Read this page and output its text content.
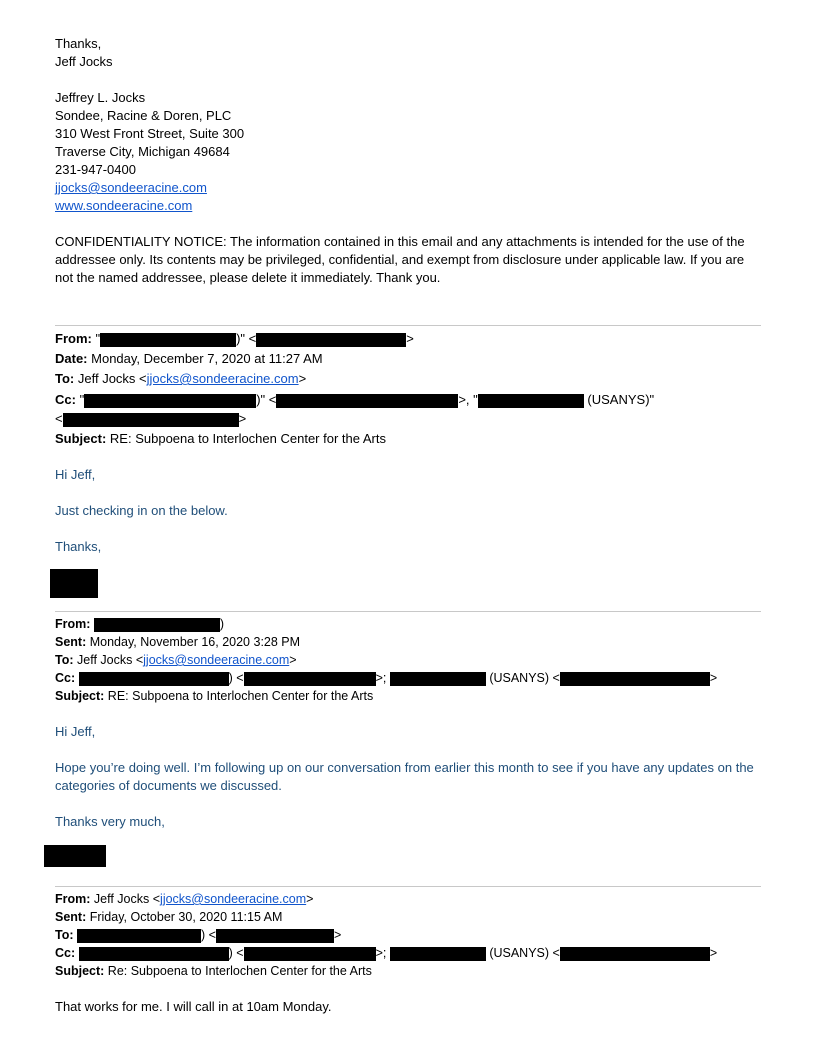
Thanks,
Jeff Jocks
Jeffrey L. Jocks
Sondee, Racine & Doren, PLC
310 West Front Street, Suite 300
Traverse City, Michigan 49684
231-947-0400
jjocks@sondeeracine.com
www.sondeeracine.com
CONFIDENTIALITY NOTICE: The information contained in this email and any attachments is intended for the use of the addressee only. Its contents may be privileged, confidential, and exempt from disclosure under applicable law. If you are not the named addressee, please delete it immediately. Thank you.
From: "	)" <	>
Date: Monday, December 7, 2020 at 11:27 AM
To: Jeff Jocks <jjocks@sondeeracine.com>
Cc: "	)" <	>, "	(USANYS)"
<	>
Subject: RE: Subpoena to Interlochen Center for the Arts
Hi Jeff,
Just checking in on the below.
Thanks,
From:	)
Sent: Monday, November 16, 2020 3:28 PM
To: Jeff Jocks <jjocks@sondeeracine.com>
Cc:	) <	>;	(USANYS) <	>
Subject: RE: Subpoena to Interlochen Center for the Arts
Hi Jeff,
Hope you’re doing well. I’m following up on our conversation from earlier this month to see if you have any updates on the categories of documents we discussed.
Thanks very much,
From: Jeff Jocks <jjocks@sondeeracine.com>
Sent: Friday, October 30, 2020 11:15 AM
To:	) <	>
Cc:	) <	>;	(USANYS) <	>
Subject: Re: Subpoena to Interlochen Center for the Arts
That works for me. I will call in at 10am Monday.
